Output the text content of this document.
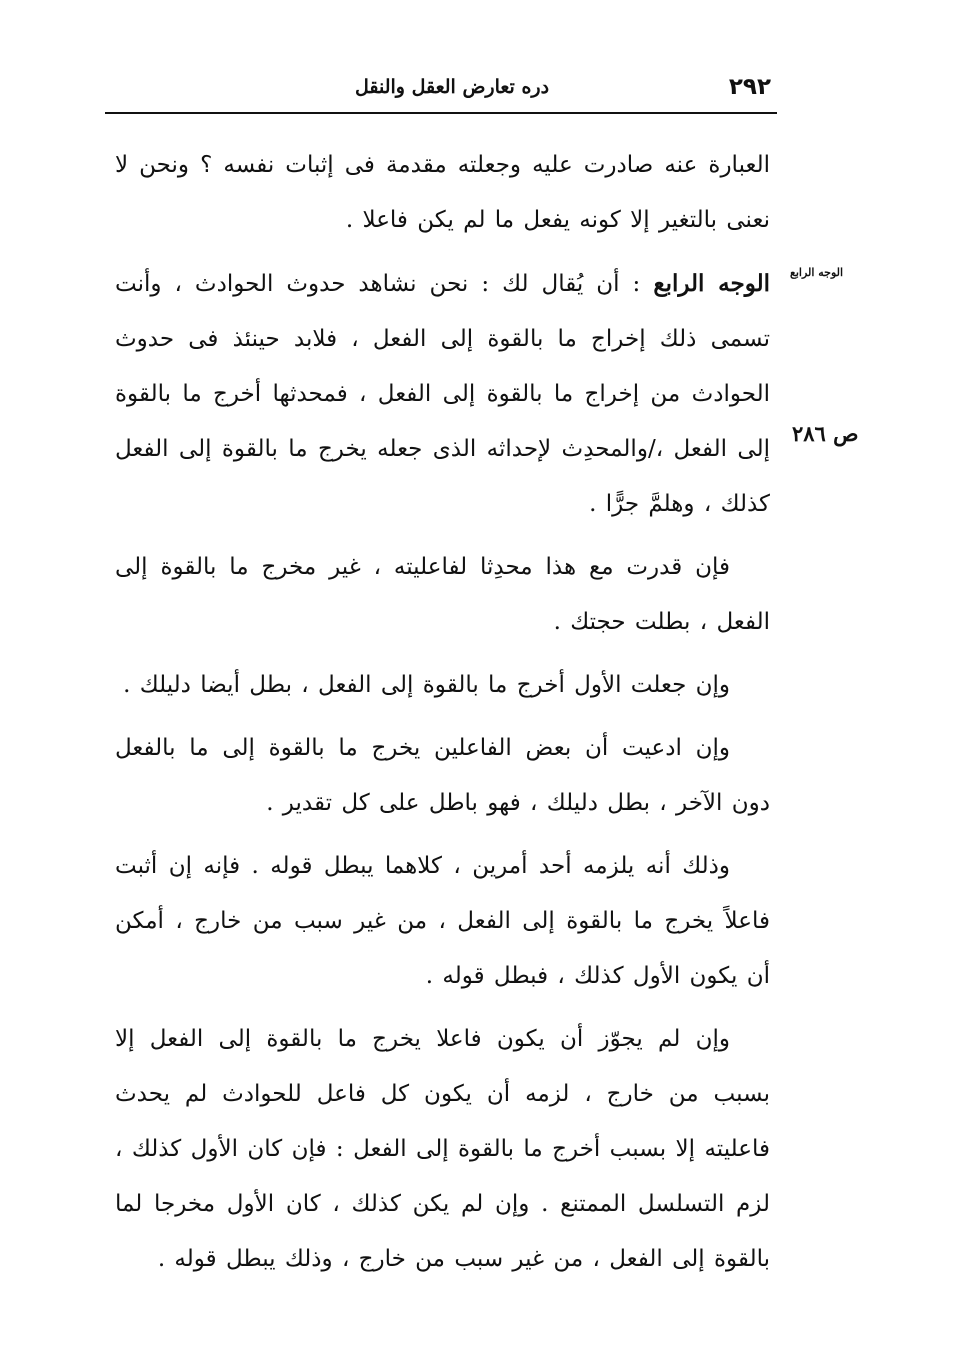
٢٩٢
دره تعارض العقل والنقل
الوجه الرابع
ص ٢٨٦

العبارة عنه صادرت عليه وجعلته مقدمة فى إثبات نفسه ؟ ونحن لا نعنى بالتغير إلا كونه يفعل ما لم يكن فاعلا .

الوجه الرابع : أن يُقال لك : نحن نشاهد حدوث الحوادث ، وأنت تسمى ذلك إخراج ما بالقوة إلى الفعل ، فلابد حينئذ فى حدوث الحوادث من إخراج ما بالقوة إلى الفعل ، فمحدثها أخرج ما بالقوة إلى الفعل ،/والمحدِث لإحداثه الذى جعله يخرج ما بالقوة إلى الفعل كذلك ، وهلمَّ جرًّا .

فإن قدرت مع هذا محدِثا لفاعليته ، غير مخرج ما بالقوة إلى الفعل ، بطلت حجتك .

وإن جعلت الأول أخرج ما بالقوة إلى الفعل ، بطل أيضا دليلك .

وإن ادعيت أن بعض الفاعلين يخرج ما بالقوة إلى ما بالفعل دون الآخر ، بطل دليلك ، فهو باطل على كل تقدير .

وذلك أنه يلزمه أحد أمرين ، كلاهما يبطل قوله . فإنه إن أثبت فاعلاً يخرج ما بالقوة إلى الفعل ، من غير سبب من خارج ، أمكن أن يكون الأول كذلك ، فبطل قوله .

وإن لم يجوّز أن يكون فاعلا يخرج ما بالقوة إلى الفعل إلا بسبب من خارج ، لزمه أن يكون كل فاعل للحوادث لم يحدث فاعليته إلا بسبب أخرج ما بالقوة إلى الفعل : فإن كان الأول كذلك ، لزم التسلسل الممتنع . وإن لم يكن كذلك ، كان الأول مخرجا لما بالقوة إلى الفعل ، من غير سبب من خارج ، وذلك يبطل قوله .
